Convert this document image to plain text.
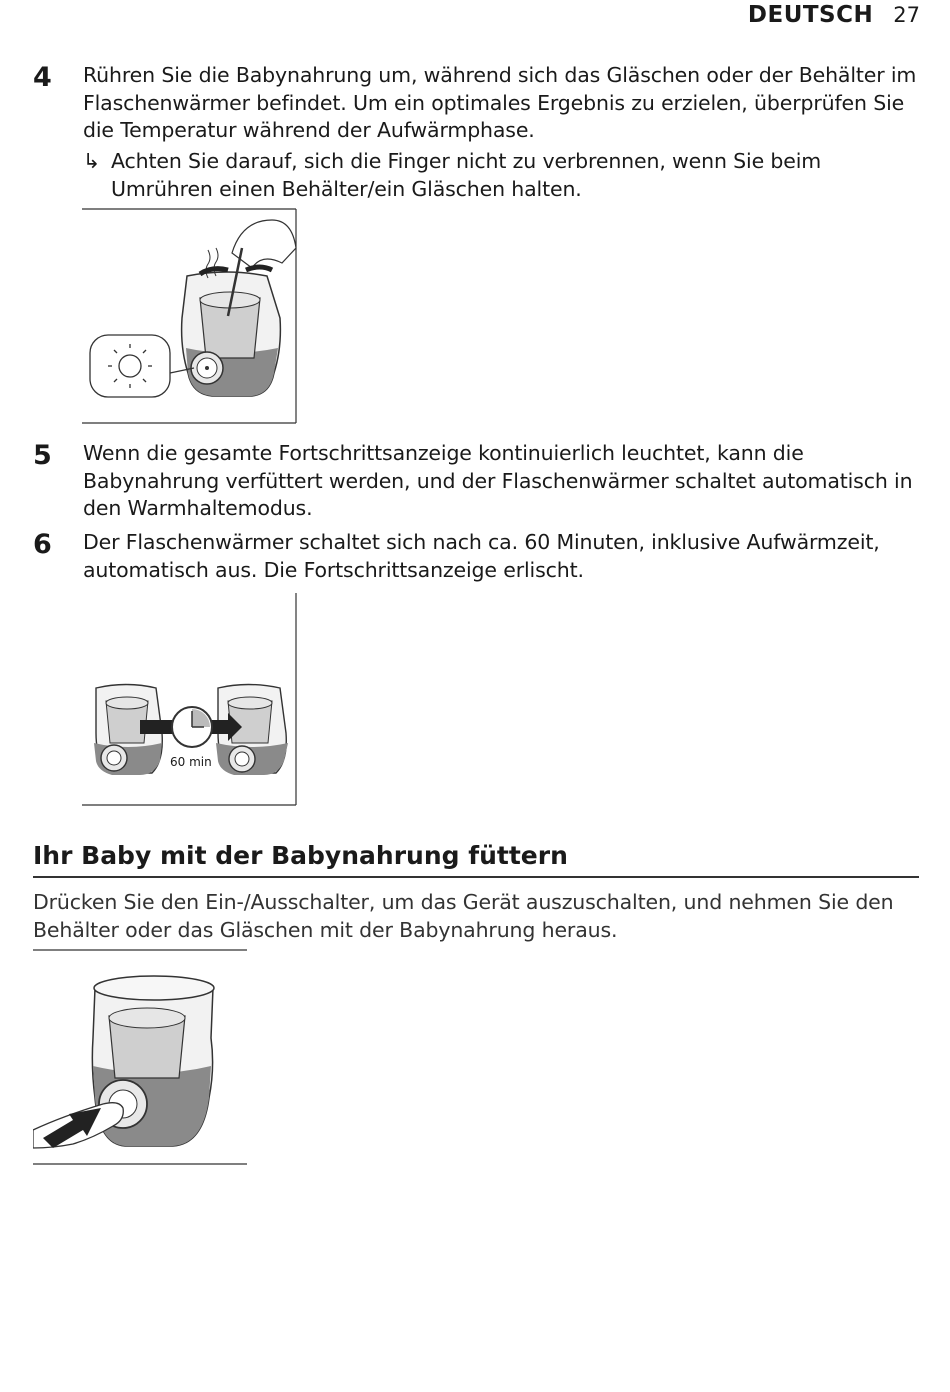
DEUTSCH 27
4 Rühren Sie die Babynahrung um, während sich das Gläschen oder der Behälter im Flaschenwärmer befindet. Um ein optimales Ergebnis zu erzielen, überprüfen Sie die Temperatur während der Aufwärmphase.
↳ Achten Sie darauf, sich die Finger nicht zu verbrennen, wenn Sie beim Umrühren einen Behälter/ein Gläschen halten.
5 Wenn die gesamte Fortschrittsanzeige kontinuierlich leuchtet, kann die Babynahrung verfüttert werden, und der Flaschenwärmer schaltet automatisch in den Warmhaltemodus.
6 Der Flaschenwärmer schaltet sich nach ca. 60 Minuten, inklusive Aufwärmzeit, automatisch aus. Die Fortschrittsanzeige erlischt.
60 min
Ihr Baby mit der Babynahrung füttern
Drücken Sie den Ein-/Ausschalter, um das Gerät auszuschalten, und nehmen Sie den Behälter oder das Gläschen mit der Babynahrung heraus.
